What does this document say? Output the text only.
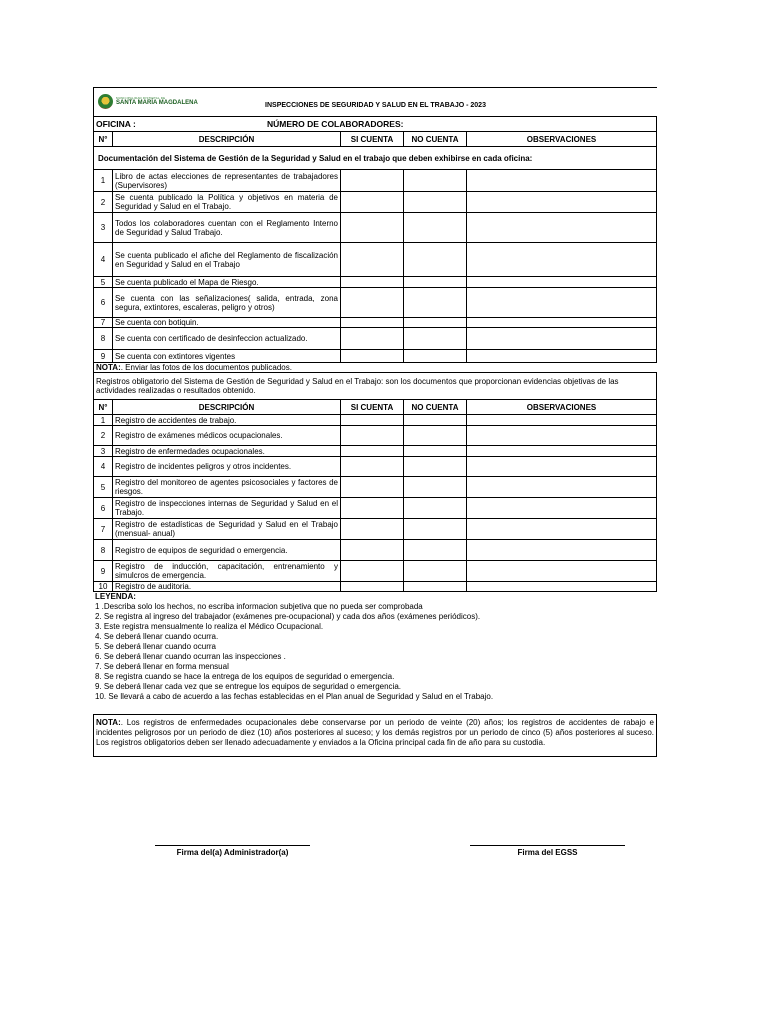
MUNICIPALIDAD DISTRITAL DE
SANTA MARÍA MAGDALENA	INSPECCIONES DE SEGURIDAD Y SALUD EN EL TRABAJO - 2023
OFICINA : NÚMERO DE COLABORADORES:				

N°	DESCRIPCIÓN	SI CUENTA	NO CUENTA	OBSERVACIONES
Documentación del Sistema de Gestión de la Seguridad y Salud en el trabajo que deben exhibirse en cada oficina:				
1	Libro de actas elecciones de representantes de trabajadores (Supervisores)			
2	Se cuenta publicado la Política y objetivos en materia de Seguridad y Salud en el Trabajo.			
3	Todos los colaboradores cuentan con el Reglamento Interno de Seguridad y Salud Trabajo.			
4	Se cuenta publicado el afiche del Reglamento de fiscalización en Seguridad y Salud en el Trabajo			
5	Se cuenta publicado el Mapa de Riesgo.			
6	Se cuenta con las señalizaciones( salida, entrada, zona segura, extintores, escaleras, peligro y otros)			
7	Se cuenta con botiquin.			
8	Se cuenta con certificado de desinfeccion actualizado.			
9	Se cuenta con extintores vigentes			
NOTA:. Enviar las fotos de los documentos publicados.
Registros obligatorio del Sistema de Gestión de Seguridad y Salud en el Trabajo: son los documentos que proporcionan evidencias objetivas de las actividades realizadas o resultados obtenido.				
N°	DESCRIPCIÓN	SI CUENTA	NO CUENTA	OBSERVACIONES
1	Registro de accidentes de trabajo.			
2	Registro de exámenes médicos ocupacionales.			
3	Registro de enfermedades ocupacionales.			
4	Registro de incidentes peligros y otros incidentes.			
5	Registro del monitoreo de agentes psicosociales y factores de riesgos.			
6	Registro de inspecciones internas de Seguridad y Salud en el Trabajo.			
7	Registro de estadísticas de Seguridad y Salud en el Trabajo (mensual- anual)			
8	Registro de equipos de seguridad o emergencia.			
9	Registro de inducción, capacitación, entrenamiento y simulcros de emergencia.			
10	Registro de auditoria.			
LEYENDA:
1 .Describa solo los hechos, no escriba informacion subjetiva que no pueda ser comprobada
2. Se registra al ingreso del trabajador (exámenes pre-ocupacional) y cada dos años (exámenes periódicos).
3. Este registra mensualmente lo realiza el Médico Ocupacional.
4. Se deberá llenar cuando ocurra.
5. Se deberá llenar cuando ocurra
6. Se deberá llenar cuando ocurran las inspecciones .
7. Se deberá llenar en forma mensual
8. Se registra cuando se hace la entrega de los equipos de seguridad o emergencia.
9. Se deberá llenar cada vez que se entregue los equipos de seguridad o emergencia.
10. Se llevará a cabo de acuerdo a las fechas establecidas en el Plan anual de Seguridad y Salud en el Trabajo.
NOTA:. Los registros de enfermedades ocupacionales debe conservarse por un periodo de veinte (20) años; los registros de accidentes de rabajo e incidentes peligrosos por un periodo de diez (10) años posteriores al suceso; y los demás registros por un periodo de cinco (5) años posteriores al suceso. Los registros obligatorios deben ser llenado adecuadamente y enviados a la Oficina principal cada fin de año para su custodia.
Firma del(a) Administrador(a)	Firma del EGSS
